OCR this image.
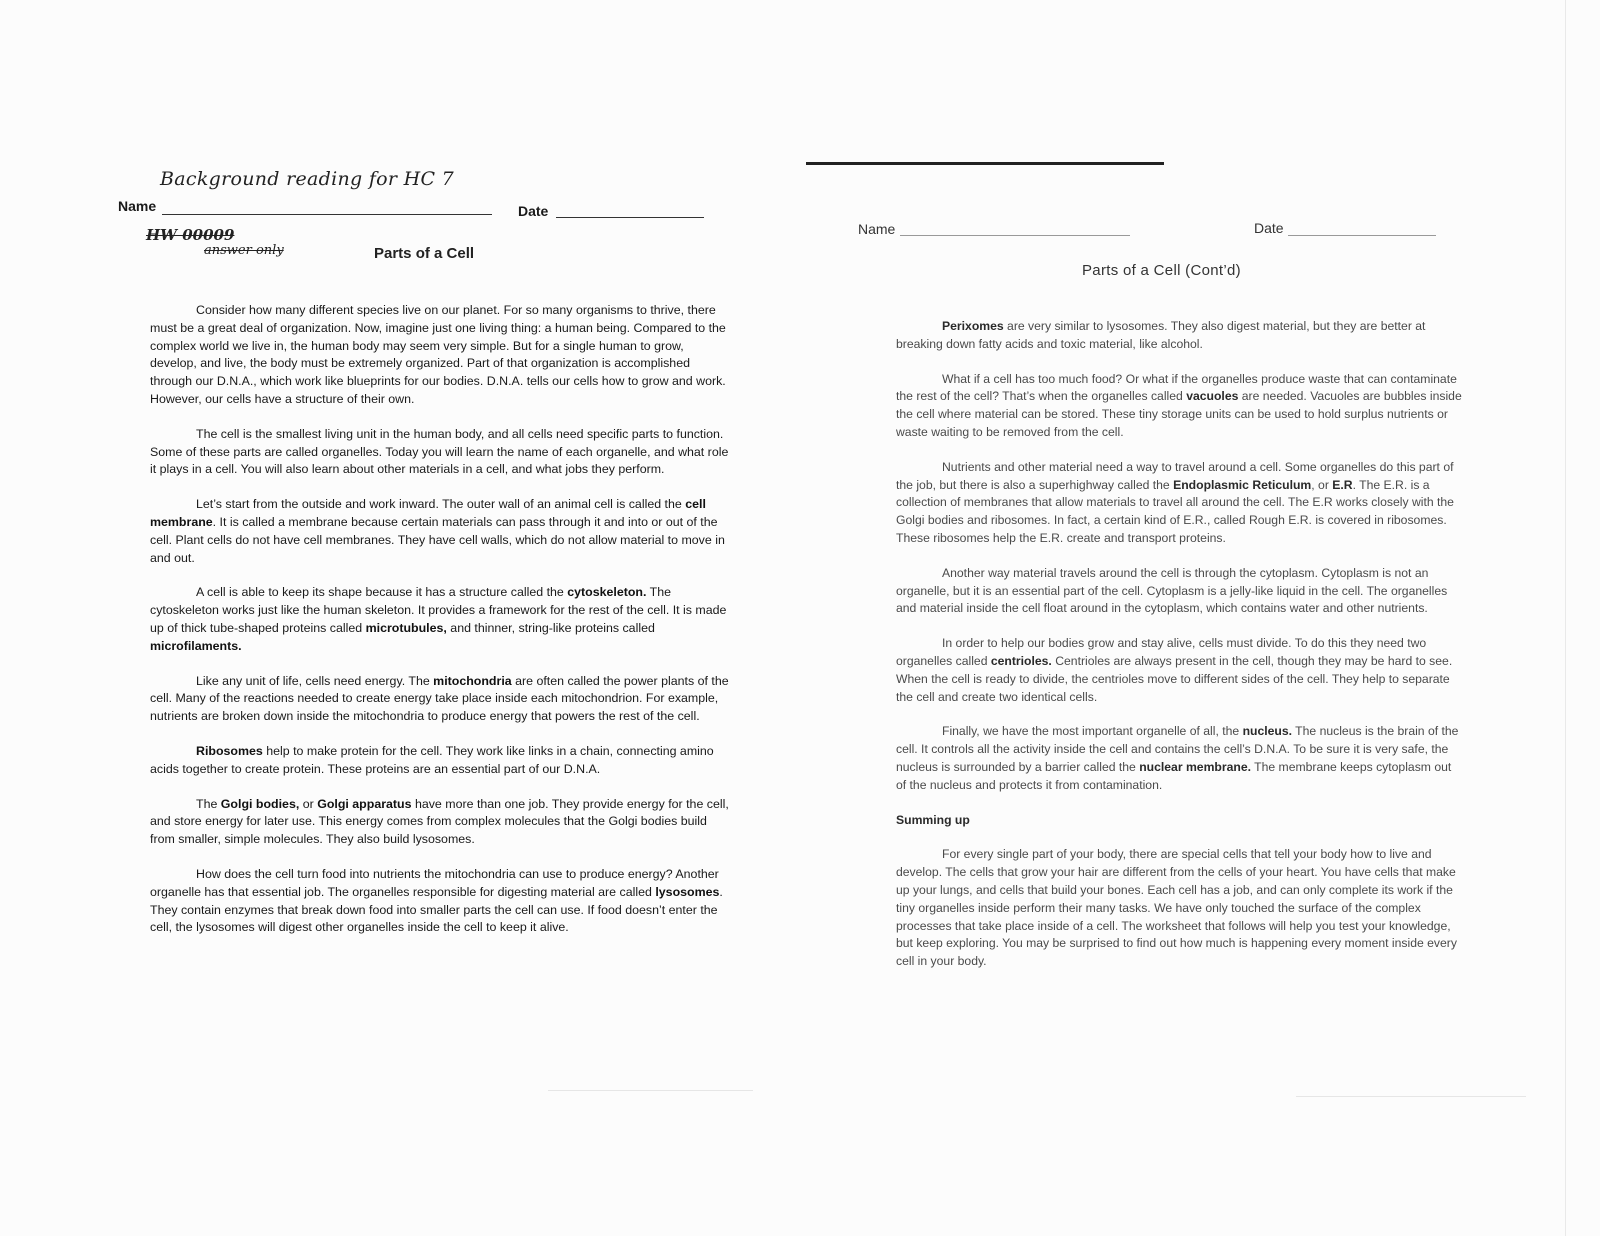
Background reading for HC 7
Name	Date
HW 00009
answer only	Parts of a Cell

Consider how many different species live on our planet. For so many organisms to thrive, there must be a great deal of organization. Now, imagine just one living thing: a human being. Compared to the complex world we live in, the human body may seem very simple. But for a single human to grow, develop, and live, the body must be extremely organized. Part of that organization is accomplished through our D.N.A., which work like blueprints for our bodies. D.N.A. tells our cells how to grow and work. However, our cells have a structure of their own.

The cell is the smallest living unit in the human body, and all cells need specific parts to function. Some of these parts are called organelles. Today you will learn the name of each organelle, and what role it plays in a cell. You will also learn about other materials in a cell, and what jobs they perform.

Let’s start from the outside and work inward. The outer wall of an animal cell is called the cell membrane. It is called a membrane because certain materials can pass through it and into or out of the cell. Plant cells do not have cell membranes. They have cell walls, which do not allow material to move in and out.

A cell is able to keep its shape because it has a structure called the cytoskeleton. The cytoskeleton works just like the human skeleton. It provides a framework for the rest of the cell. It is made up of thick tube-shaped proteins called microtubules, and thinner, string-like proteins called microfilaments.

Like any unit of life, cells need energy. The mitochondria are often called the power plants of the cell. Many of the reactions needed to create energy take place inside each mitochondrion. For example, nutrients are broken down inside the mitochondria to produce energy that powers the rest of the cell.

Ribosomes help to make protein for the cell. They work like links in a chain, connecting amino acids together to create protein. These proteins are an essential part of our D.N.A.

The Golgi bodies, or Golgi apparatus have more than one job. They provide energy for the cell, and store energy for later use. This energy comes from complex molecules that the Golgi bodies build from smaller, simple molecules. They also build lysosomes.

How does the cell turn food into nutrients the mitochondria can use to produce energy? Another organelle has that essential job. The organelles responsible for digesting material are called lysosomes. They contain enzymes that break down food into smaller parts the cell can use. If food doesn’t enter the cell, the lysosomes will digest other organelles inside the cell to keep it alive.

Name	Date
Parts of a Cell (Cont’d)

Perixomes are very similar to lysosomes. They also digest material, but they are better at breaking down fatty acids and toxic material, like alcohol.

What if a cell has too much food? Or what if the organelles produce waste that can contaminate the rest of the cell? That’s when the organelles called vacuoles are needed. Vacuoles are bubbles inside the cell where material can be stored. These tiny storage units can be used to hold surplus nutrients or waste waiting to be removed from the cell.

Nutrients and other material need a way to travel around a cell. Some organelles do this part of the job, but there is also a superhighway called the Endoplasmic Reticulum, or E.R. The E.R. is a collection of membranes that allow materials to travel all around the cell. The E.R works closely with the Golgi bodies and ribosomes. In fact, a certain kind of E.R., called Rough E.R. is covered in ribosomes. These ribosomes help the E.R. create and transport proteins.

Another way material travels around the cell is through the cytoplasm. Cytoplasm is not an organelle, but it is an essential part of the cell. Cytoplasm is a jelly-like liquid in the cell. The organelles and material inside the cell float around in the cytoplasm, which contains water and other nutrients.

In order to help our bodies grow and stay alive, cells must divide. To do this they need two organelles called centrioles. Centrioles are always present in the cell, though they may be hard to see. When the cell is ready to divide, the centrioles move to different sides of the cell. They help to separate the cell and create two identical cells.

Finally, we have the most important organelle of all, the nucleus. The nucleus is the brain of the cell. It controls all the activity inside the cell and contains the cell’s D.N.A. To be sure it is very safe, the nucleus is surrounded by a barrier called the nuclear membrane. The membrane keeps cytoplasm out of the nucleus and protects it from contamination.

Summing up

For every single part of your body, there are special cells that tell your body how to live and develop. The cells that grow your hair are different from the cells of your heart. You have cells that make up your lungs, and cells that build your bones. Each cell has a job, and can only complete its work if the tiny organelles inside perform their many tasks. We have only touched the surface of the complex processes that take place inside of a cell. The worksheet that follows will help you test your knowledge, but keep exploring. You may be surprised to find out how much is happening every moment inside every cell in your body.
